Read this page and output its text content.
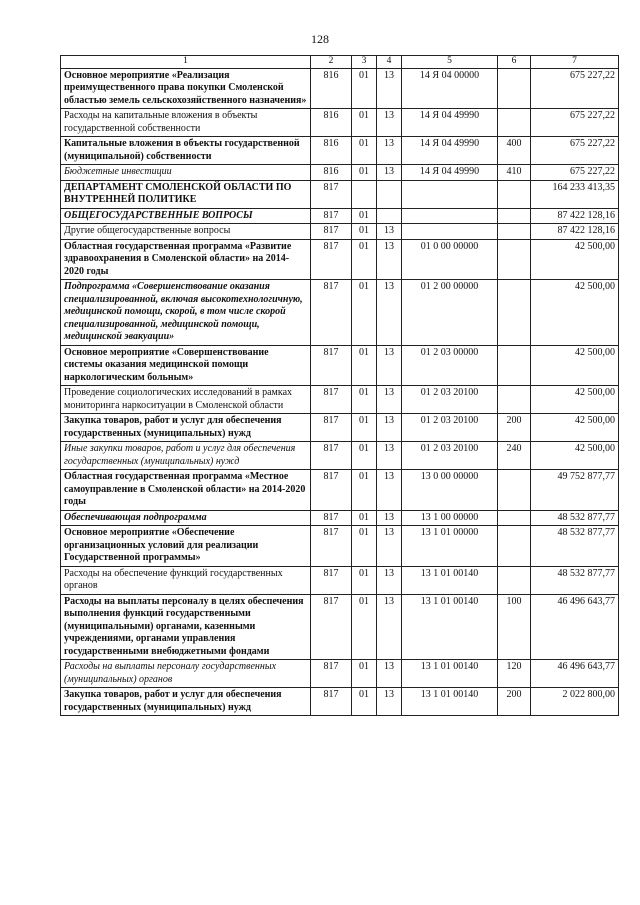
128
1	2	3	4	5	6	7
Основное мероприятие «Реализация преимущественного права покупки Смоленской областью земель сельскохозяйственного назначения»	816	01	13	14 Я 04 00000		675 227,22
Расходы на капитальные вложения в объекты государственной собственности	816	01	13	14 Я 04 49990		675 227,22
Капитальные вложения в объекты государственной (муниципальной) собственности	816	01	13	14 Я 04 49990	400	675 227,22
Бюджетные инвестиции	816	01	13	14 Я 04 49990	410	675 227,22
ДЕПАРТАМЕНТ СМОЛЕНСКОЙ ОБЛАСТИ ПО ВНУТРЕННЕЙ ПОЛИТИКЕ	817					164 233 413,35
ОБЩЕГОСУДАРСТВЕННЫЕ ВОПРОСЫ	817	01				87 422 128,16
Другие общегосударственные вопросы	817	01	13			87 422 128,16
Областная государственная программа «Развитие здравоохранения в Смоленской области» на 2014-2020 годы	817	01	13	01 0 00 00000		42 500,00
Подпрограмма «Совершенствование оказания специализированной, включая высокотехнологичную, медицинской помощи, скорой, в том числе скорой специализированной, медицинской помощи, медицинской эвакуации»	817	01	13	01 2 00 00000		42 500,00
Основное мероприятие «Совершенствование системы оказания медицинской помощи наркологическим больным»	817	01	13	01 2 03 00000		42 500,00
Проведение социологических исследований в рамках мониторинга наркоситуации в Смоленской области	817	01	13	01 2 03 20100		42 500,00
Закупка товаров, работ и услуг для обеспечения государственных (муниципальных) нужд	817	01	13	01 2 03 20100	200	42 500,00
Иные закупки товаров, работ и услуг для обеспечения государственных (муниципальных) нужд	817	01	13	01 2 03 20100	240	42 500,00
Областная государственная программа «Местное самоуправление в Смоленской области» на 2014-2020 годы	817	01	13	13 0 00 00000		49 752 877,77
Обеспечивающая подпрограмма	817	01	13	13 1 00 00000		48 532 877,77
Основное мероприятие «Обеспечение организационных условий для реализации Государственной программы»	817	01	13	13 1 01 00000		48 532 877,77
Расходы на обеспечение функций государственных органов	817	01	13	13 1 01 00140		48 532 877,77
Расходы на выплаты персоналу в целях обеспечения выполнения функций государственными (муниципальными) органами, казенными учреждениями, органами управления государственными внебюджетными фондами	817	01	13	13 1 01 00140	100	46 496 643,77
Расходы на выплаты персоналу государственных (муниципальных) органов	817	01	13	13 1 01 00140	120	46 496 643,77
Закупка товаров, работ и услуг для обеспечения государственных (муниципальных) нужд	817	01	13	13 1 01 00140	200	2 022 800,00
